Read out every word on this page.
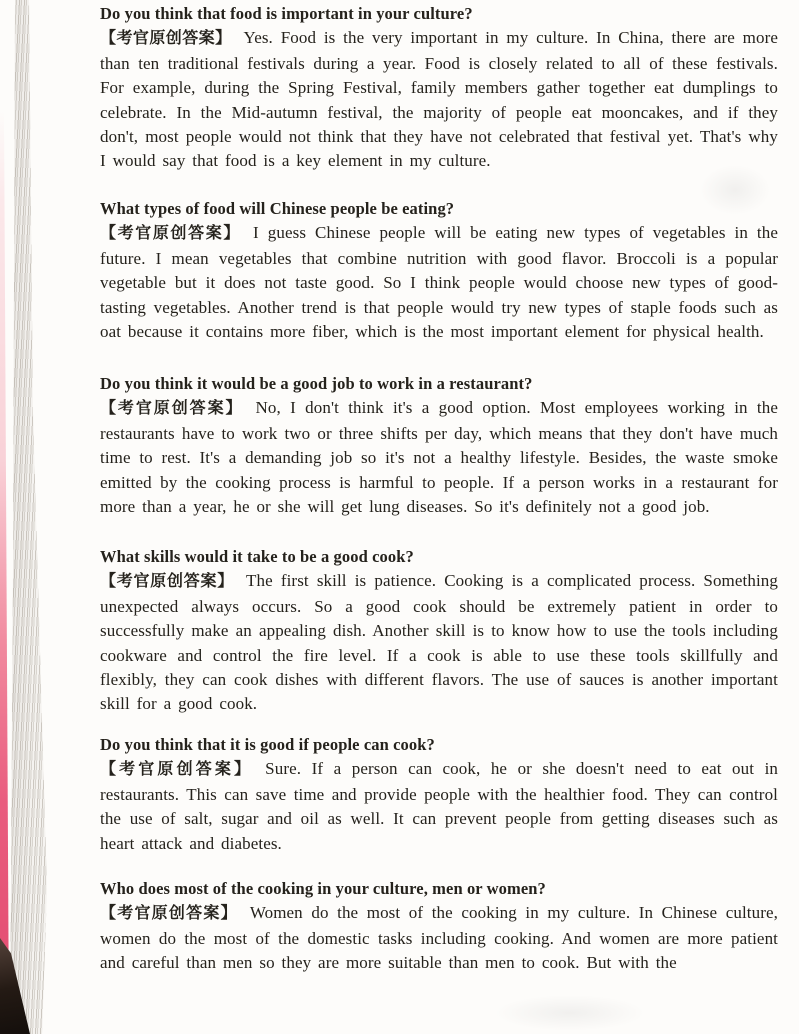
Do you think that food is important in your culture?

【考官原创答案】 Yes. Food is the very important in my culture. In China, there are more than ten traditional festivals during a year. Food is closely related to all of these festivals. For example, during the Spring Festival, family members gather together eat dumplings to celebrate. In the Mid-autumn festival, the majority of people eat mooncakes, and if they don't, most people would not think that they have not celebrated that festival yet. That's why I would say that food is a key element in my culture.

What types of food will Chinese people be eating?

【考官原创答案】 I guess Chinese people will be eating new types of vegetables in the future. I mean vegetables that combine nutrition with good flavor. Broccoli is a popular vegetable but it does not taste good. So I think people would choose new types of good-tasting vegetables. Another trend is that people would try new types of staple foods such as oat because it contains more fiber, which is the most important element for physical health.

Do you think it would be a good job to work in a restaurant?

【考官原创答案】 No, I don't think it's a good option. Most employees working in the restaurants have to work two or three shifts per day, which means that they don't have much time to rest. It's a demanding job so it's not a healthy lifestyle. Besides, the waste smoke emitted by the cooking process is harmful to people. If a person works in a restaurant for more than a year, he or she will get lung diseases. So it's definitely not a good job.

What skills would it take to be a good cook?

【考官原创答案】 The first skill is patience. Cooking is a complicated process. Something unexpected always occurs. So a good cook should be extremely patient in order to successfully make an appealing dish. Another skill is to know how to use the tools including cookware and control the fire level. If a cook is able to use these tools skillfully and flexibly, they can cook dishes with different flavors. The use of sauces is another important skill for a good cook.

Do you think that it is good if people can cook?

【考官原创答案】 Sure. If a person can cook, he or she doesn't need to eat out in restaurants. This can save time and provide people with the healthier food. They can control the use of salt, sugar and oil as well. It can prevent people from getting diseases such as heart attack and diabetes.

Who does most of the cooking in your culture, men or women?

【考官原创答案】 Women do the most of the cooking in my culture. In Chinese culture, women do the most of the domestic tasks including cooking. And women are more patient and careful than men so they are more suitable than men to cook. But with the
